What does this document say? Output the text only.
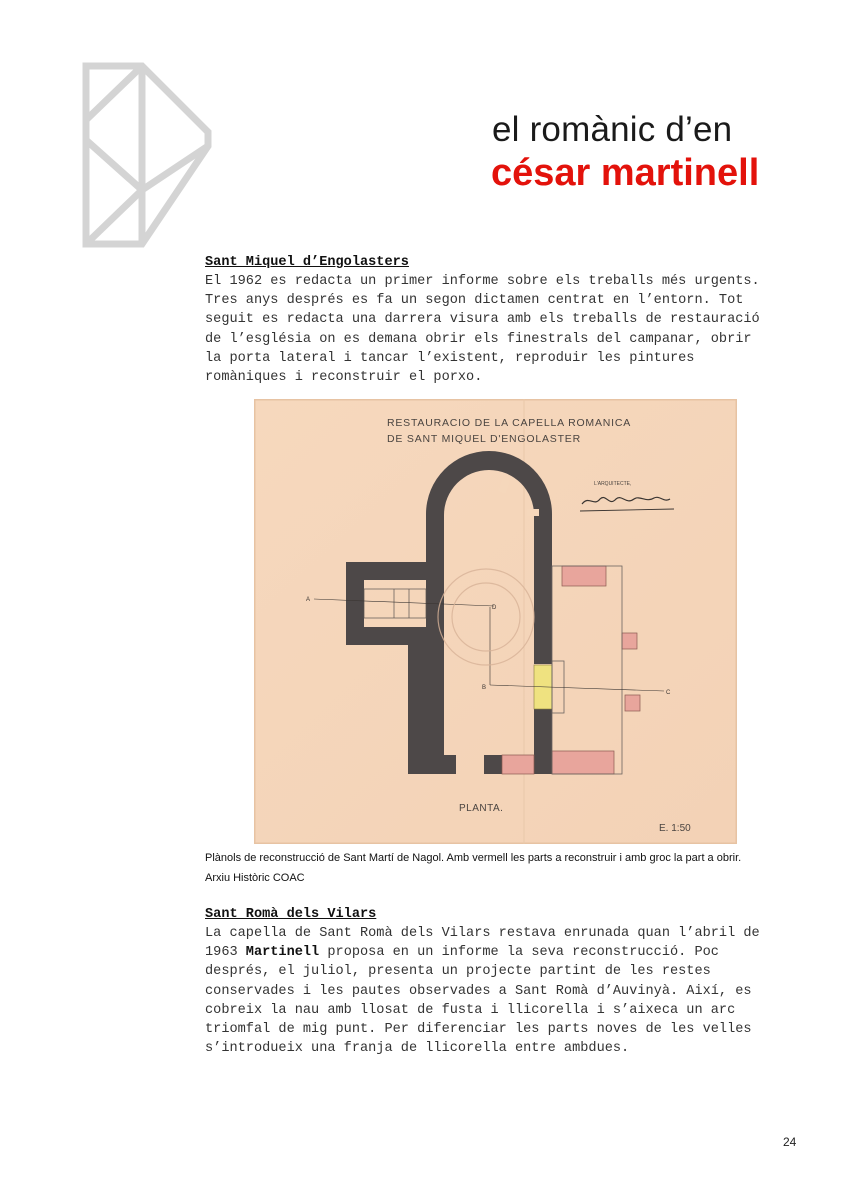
el romànic d’en
césar martinell
Sant Miquel d’Engolasters

El 1962 es redacta un primer informe sobre els treballs més urgents.
Tres anys després es fa un segon dictamen centrat en l’entorn. Tot
seguit es redacta una darrera visura amb els treballs de restauració
de l’església on es demana obrir els finestrals del campanar, obrir
la porta lateral i tancar l’existent, reproduir les pintures
romàniques i reconstruir el porxo.

RESTAURACIO DE LA CAPELLA ROMANICA
DE SANT MIQUEL D'ENGOLASTER
L'ARQUITECTE,
A
D
B
C
PLANTA.
E. 1:50

Plànols de reconstrucció de Sant Martí de Nagol. Amb vermell les parts a reconstruir i amb groc la part a obrir.
Arxiu Històric COAC

Sant Romà dels Vilars

La capella de Sant Romà dels Vilars restava enrunada quan l’abril de
1963 Martinell proposa en un informe la seva reconstrucció. Poc
després, el juliol, presenta un projecte partint de les restes
conservades i les pautes observades a Sant Romà d’Auvinyà. Així, es
cobreix la nau amb llosat de fusta i llicorella i s’aixeca un arc
triomfal de mig punt. Per diferenciar les parts noves de les velles
s’introdueix una franja de llicorella entre ambdues.

24
